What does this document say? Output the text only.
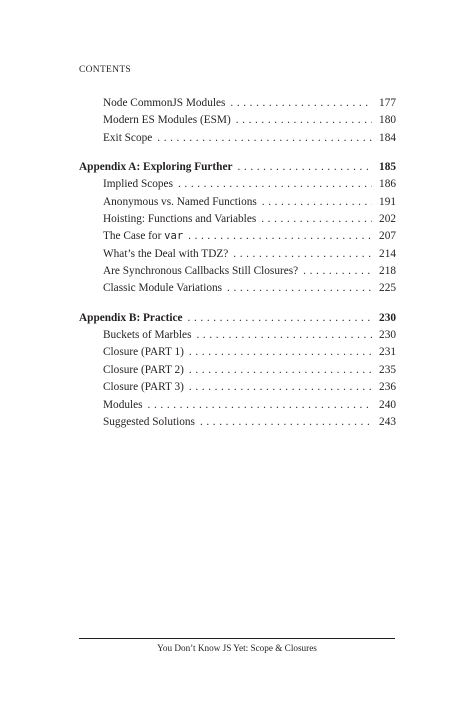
CONTENTS
Node CommonJS Modules .....	177
Modern ES Modules (ESM) .....	180
Exit Scope .....	184
Appendix A: Exploring Further .....	185
Implied Scopes .....	186
Anonymous vs. Named Functions .....	191
Hoisting: Functions and Variables .....	202
The Case for var .....	207
What’s the Deal with TDZ? .....	214
Are Synchronous Callbacks Still Closures? .....	218
Classic Module Variations .....	225
Appendix B: Practice .....	230
Buckets of Marbles .....	230
Closure (PART 1) .....	231
Closure (PART 2) .....	235
Closure (PART 3) .....	236
Modules .....	240
Suggested Solutions .....	243
You Don’t Know JS Yet: Scope & Closures
